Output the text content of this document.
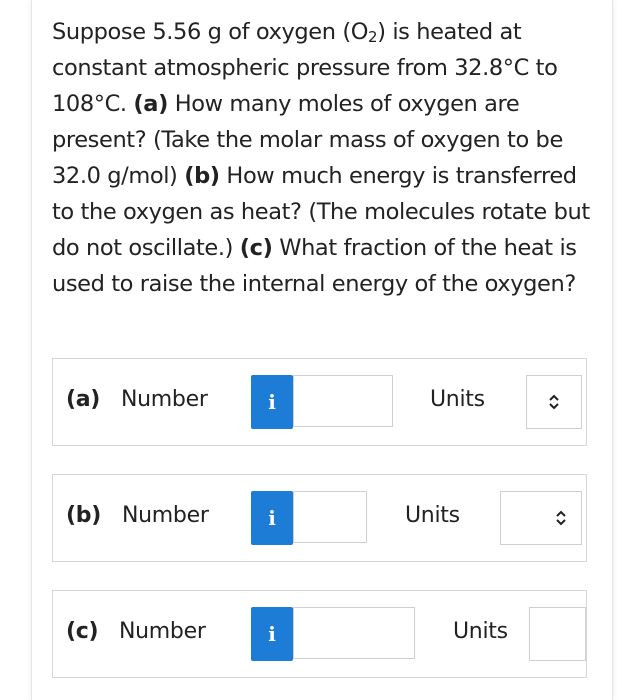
Suppose 5.56 g of oxygen $(O_2)$ is heated at constant atmospheric pressure from 32.8°C to 108°C. (a) How many moles of oxygen are present? (Take the molar mass of oxygen to be 32.0 g/mol) (b) How much energy is transferred to the oxygen as heat? (The molecules rotate but do not oscillate.) (c) What fraction of the heat is used to raise the internal energy of the oxygen?
(a) Number	i	Units
(b) Number	i	Units
(c) Number	i	Units
